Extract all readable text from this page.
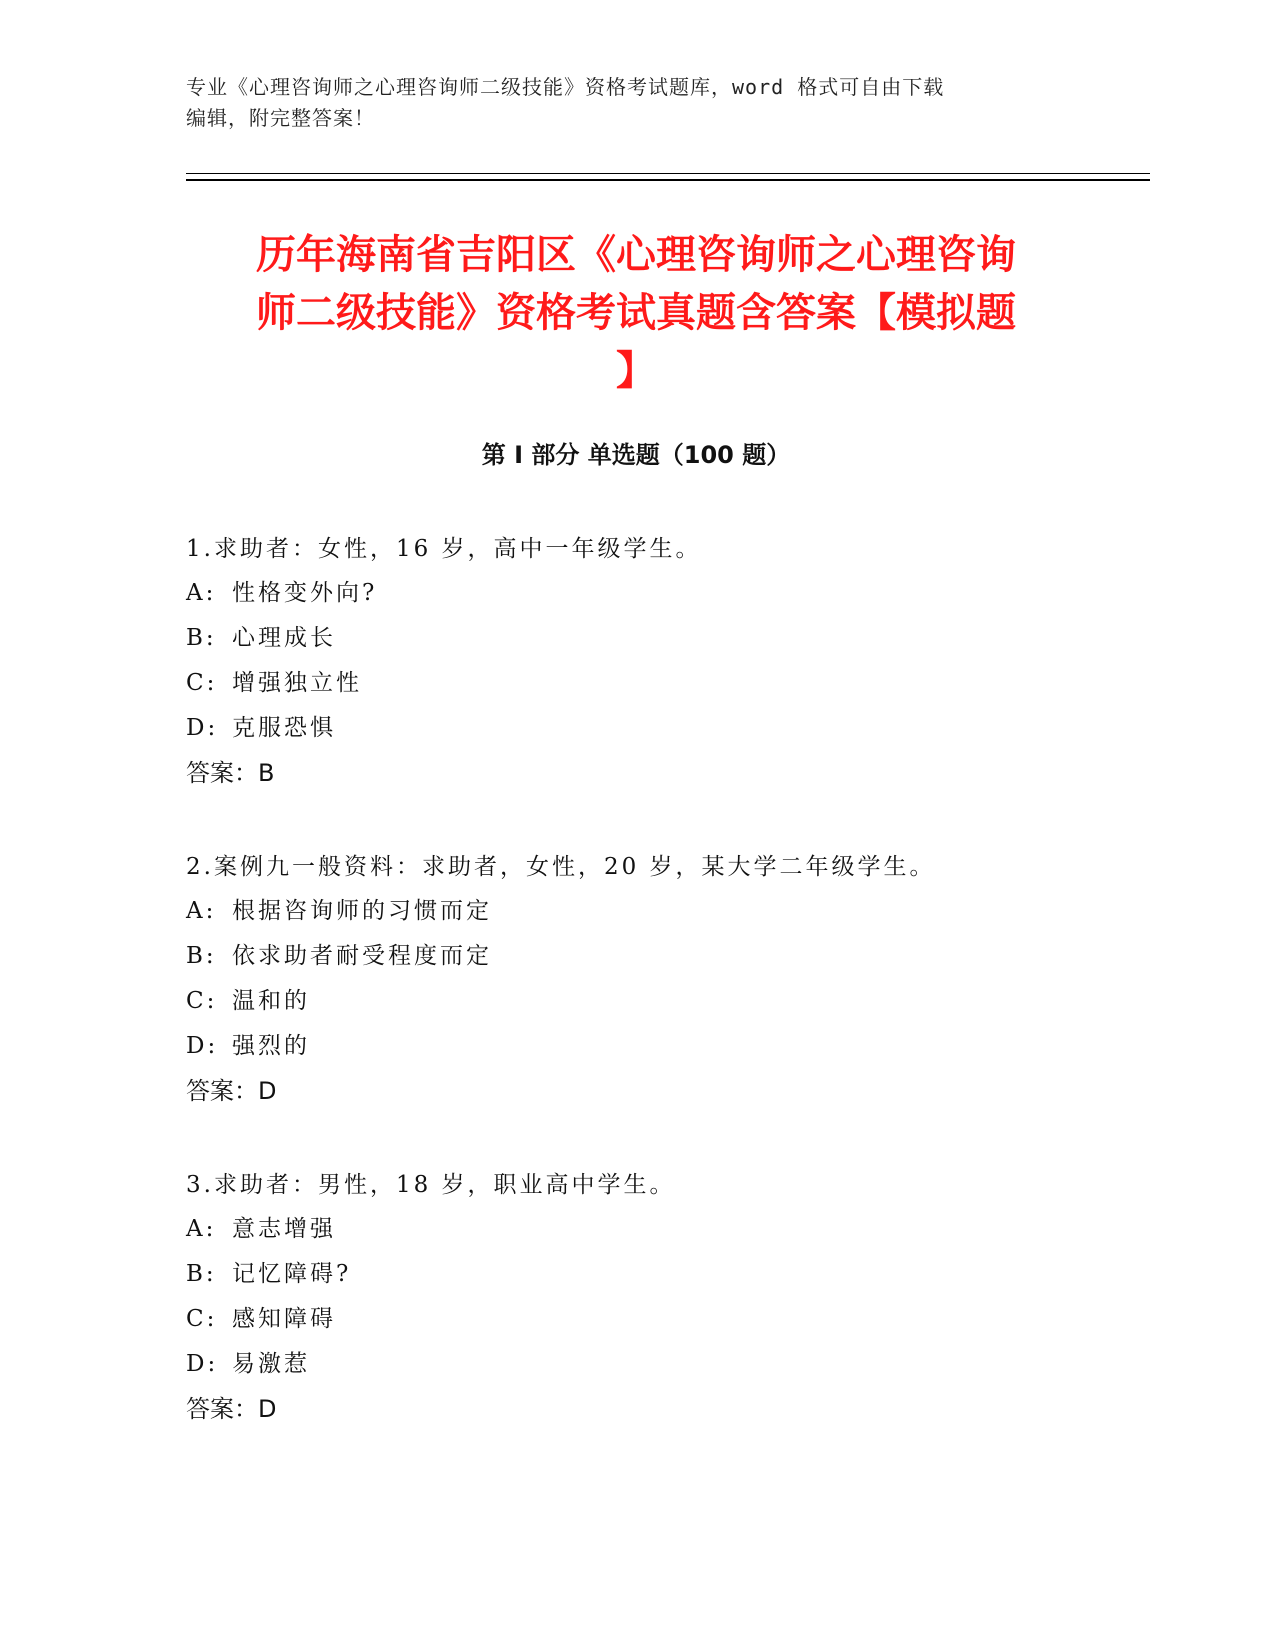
专业《心理咨询师之心理咨询师二级技能》资格考试题库，word 格式可自由下载
编辑，附完整答案！
历年海南省吉阳区《心理咨询师之心理咨询
师二级技能》资格考试真题含答案【模拟题
】
第 I 部分 单选题（100 题）
1.求助者：女性，16 岁，高中一年级学生。
A: 性格变外向?
B: 心理成长
C: 增强独立性
D: 克服恐惧
答案：B
2.案例九一般资料：求助者，女性，20 岁，某大学二年级学生。
A: 根据咨询师的习惯而定
B: 依求助者耐受程度而定
C: 温和的
D: 强烈的
答案：D
3.求助者：男性，18 岁，职业高中学生。
A: 意志增强
B: 记忆障碍?
C: 感知障碍
D: 易激惹
答案：D
